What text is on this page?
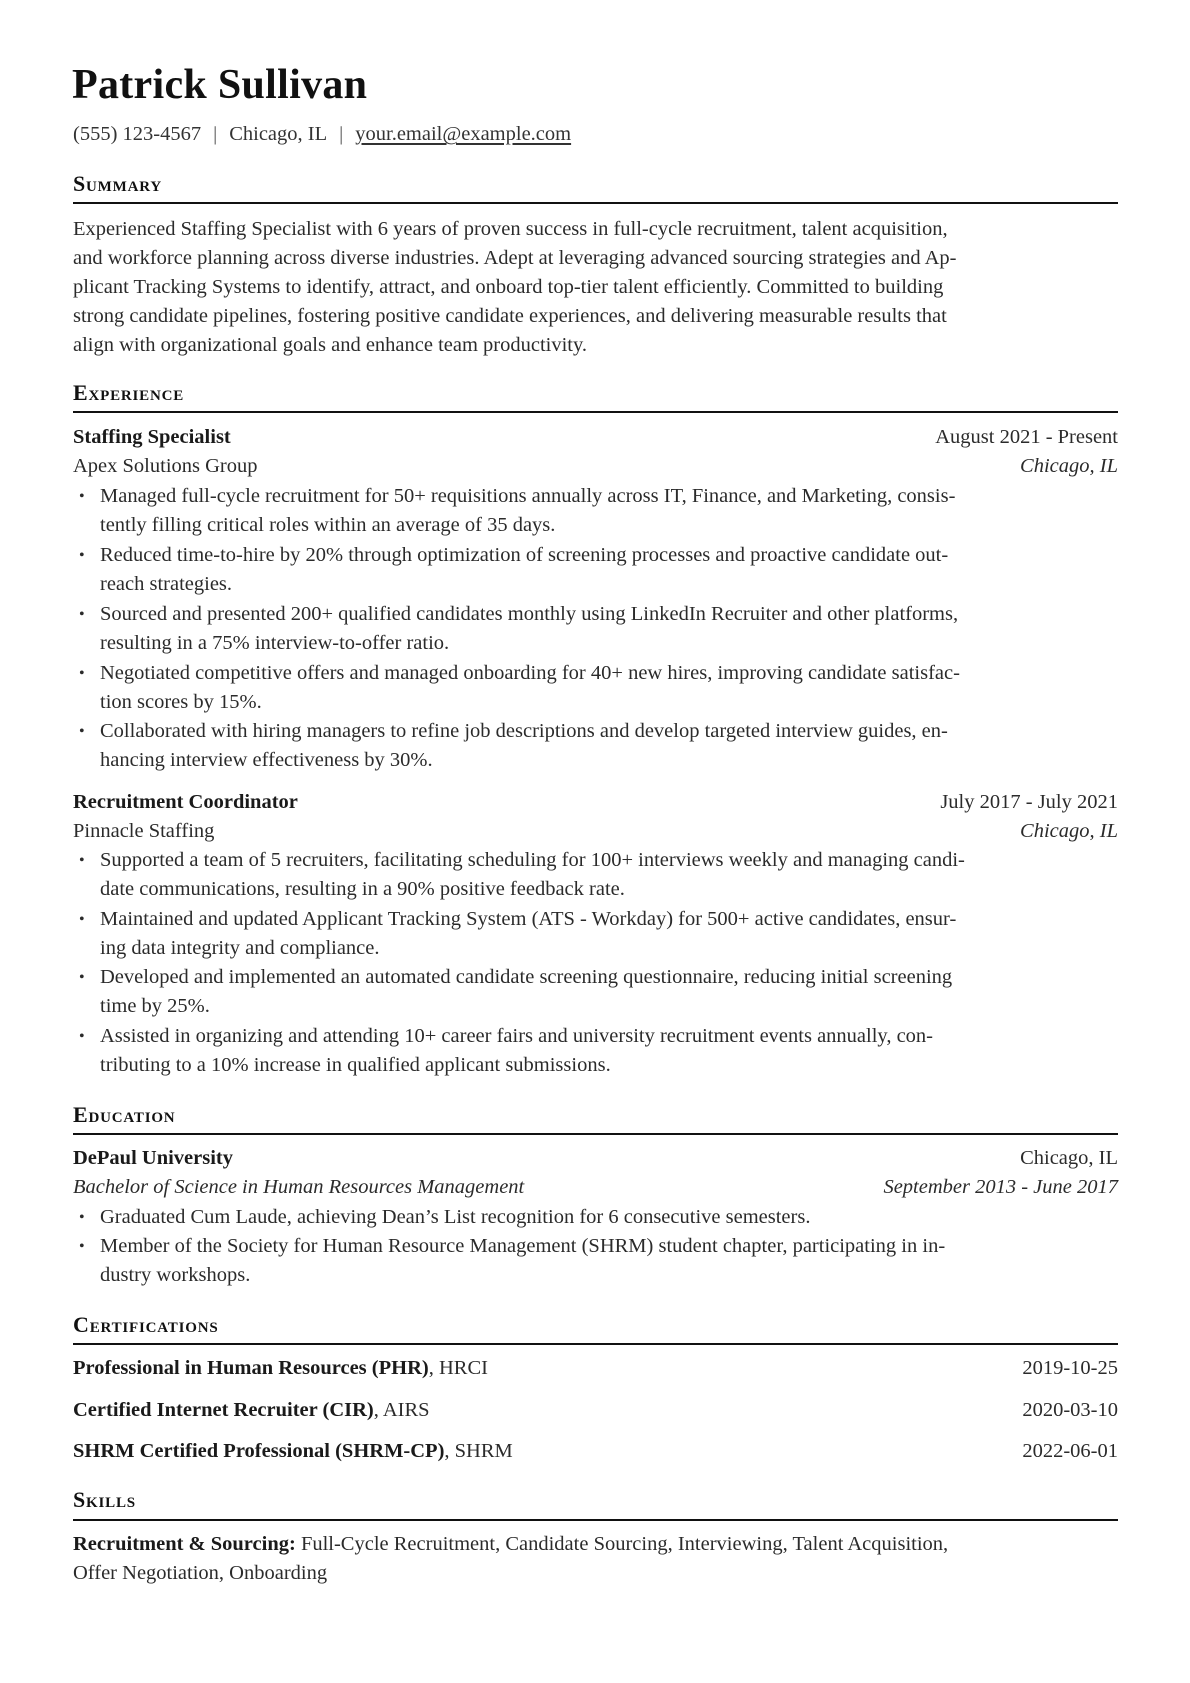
Patrick Sullivan
(555) 123-4567 | Chicago, IL | your.email@example.com
Summary
Experienced Staffing Specialist with 6 years of proven success in full-cycle recruitment, talent acquisition,
and workforce planning across diverse industries. Adept at leveraging advanced sourcing strategies and Ap-
plicant Tracking Systems to identify, attract, and onboard top-tier talent efficiently. Committed to building
strong candidate pipelines, fostering positive candidate experiences, and delivering measurable results that
align with organizational goals and enhance team productivity.
Experience
Staffing Specialist	August 2021 - Present
Apex Solutions Group	Chicago, IL
• Managed full-cycle recruitment for 50+ requisitions annually across IT, Finance, and Marketing, consis-
tently filling critical roles within an average of 35 days.
• Reduced time-to-hire by 20% through optimization of screening processes and proactive candidate out-
reach strategies.
• Sourced and presented 200+ qualified candidates monthly using LinkedIn Recruiter and other platforms,
resulting in a 75% interview-to-offer ratio.
• Negotiated competitive offers and managed onboarding for 40+ new hires, improving candidate satisfac-
tion scores by 15%.
• Collaborated with hiring managers to refine job descriptions and develop targeted interview guides, en-
hancing interview effectiveness by 30%.
Recruitment Coordinator	July 2017 - July 2021
Pinnacle Staffing	Chicago, IL
• Supported a team of 5 recruiters, facilitating scheduling for 100+ interviews weekly and managing candi-
date communications, resulting in a 90% positive feedback rate.
• Maintained and updated Applicant Tracking System (ATS - Workday) for 500+ active candidates, ensur-
ing data integrity and compliance.
• Developed and implemented an automated candidate screening questionnaire, reducing initial screening
time by 25%.
• Assisted in organizing and attending 10+ career fairs and university recruitment events annually, con-
tributing to a 10% increase in qualified applicant submissions.
Education
DePaul University	Chicago, IL
Bachelor of Science in Human Resources Management	September 2013 - June 2017
• Graduated Cum Laude, achieving Dean’s List recognition for 6 consecutive semesters.
• Member of the Society for Human Resource Management (SHRM) student chapter, participating in in-
dustry workshops.
Certifications
Professional in Human Resources (PHR), HRCI	2019-10-25
Certified Internet Recruiter (CIR), AIRS	2020-03-10
SHRM Certified Professional (SHRM-CP), SHRM	2022-06-01
Skills
Recruitment & Sourcing: Full-Cycle Recruitment, Candidate Sourcing, Interviewing, Talent Acquisition,
Offer Negotiation, Onboarding
